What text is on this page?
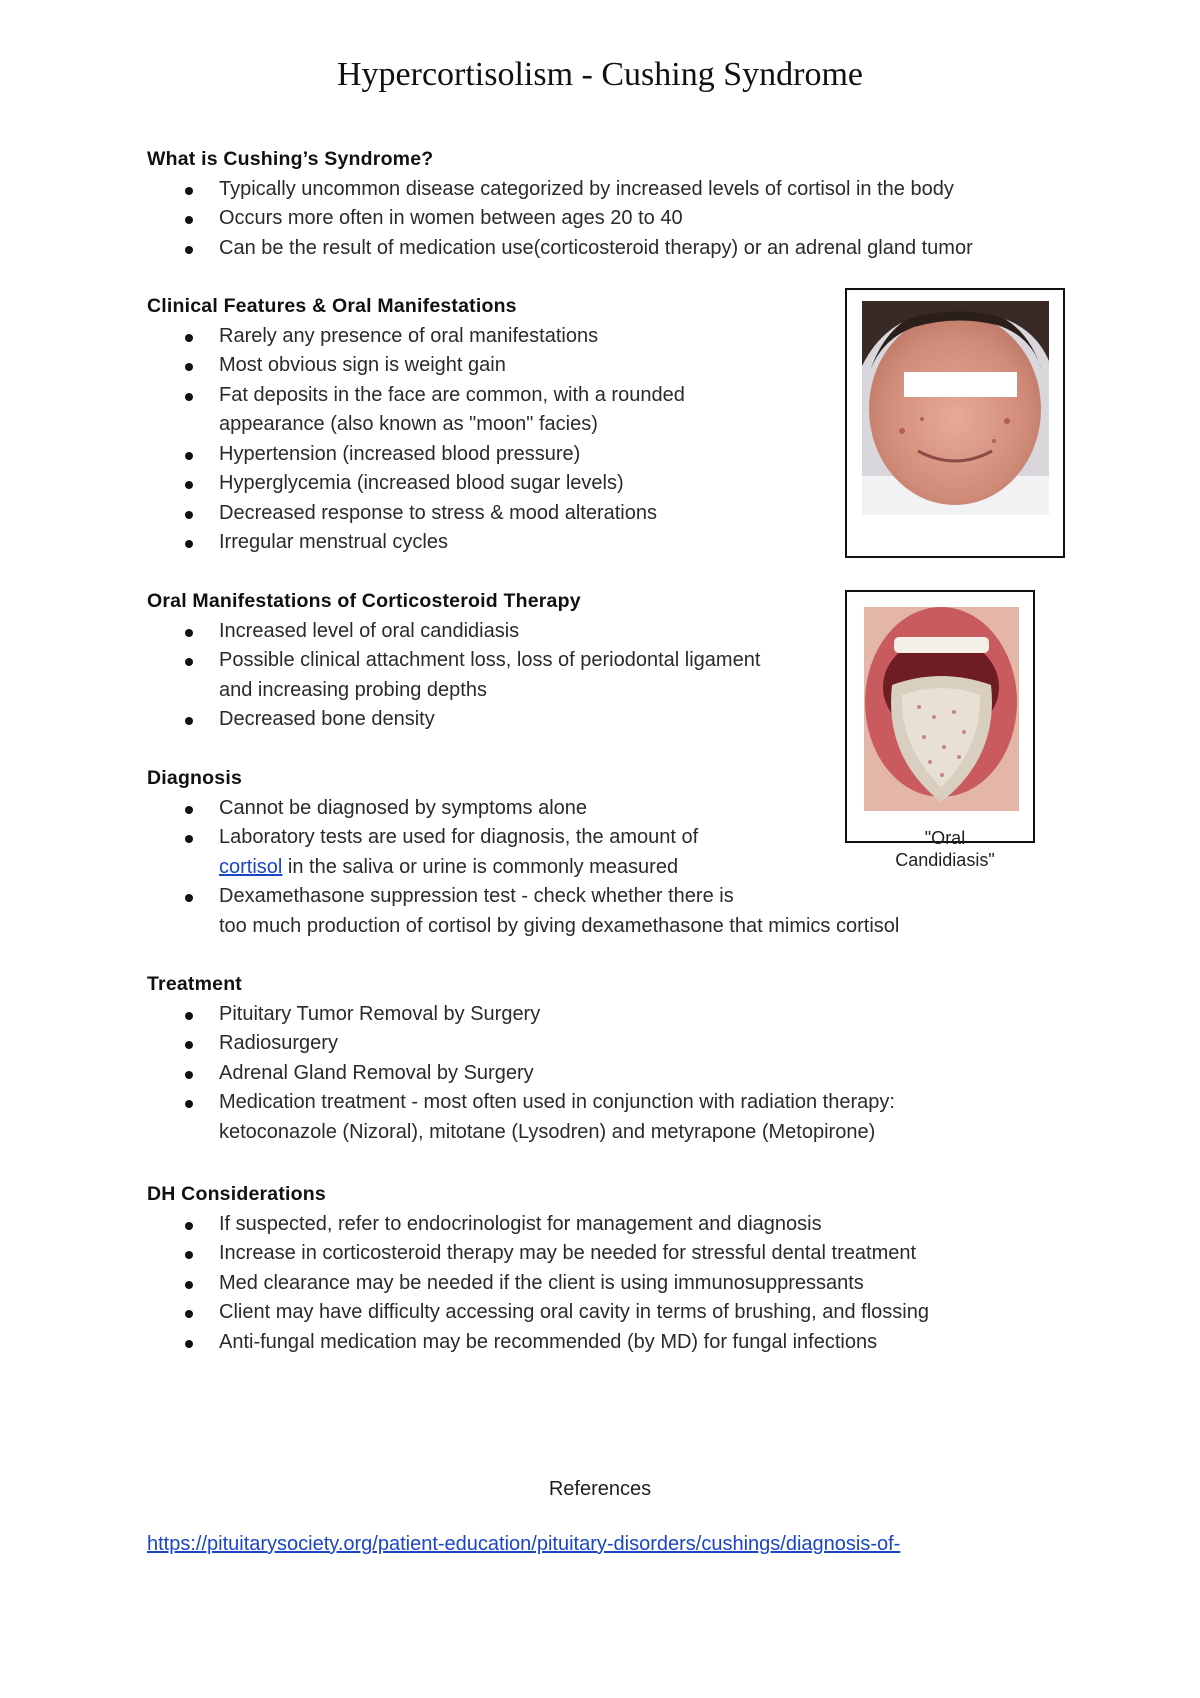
Hypercortisolism - Cushing Syndrome
What is Cushing’s Syndrome?
Typically uncommon disease categorized by increased levels of cortisol in the body
Occurs more often in women between ages 20 to 40
Can be the result of medication use(corticosteroid therapy) or an adrenal gland tumor
Clinical Features & Oral Manifestations
Rarely any presence of oral manifestations
Most obvious sign is weight gain
Fat deposits in the face are common, with a rounded
appearance (also known as "moon" facies)
Hypertension (increased blood pressure)
Hyperglycemia (increased blood sugar levels)
Decreased response to stress & mood alterations
Irregular menstrual cycles
Oral Manifestations of Corticosteroid Therapy
Increased level of oral candidiasis
Possible clinical attachment loss, loss of periodontal ligament
and increasing probing depths
Decreased bone density
Diagnosis
Cannot be diagnosed by symptoms alone
Laboratory tests are used for diagnosis, the amount of
cortisol in the saliva or urine is commonly measured
Dexamethasone suppression test - check whether there is
too much production of cortisol by giving dexamethasone that mimics cortisol
Treatment
Pituitary Tumor Removal by Surgery
Radiosurgery
Adrenal Gland Removal by Surgery
Medication treatment - most often used in conjunction with radiation therapy:
ketoconazole (Nizoral), mitotane (Lysodren) and metyrapone (Metopirone)
DH Considerations
If suspected, refer to endocrinologist for management and diagnosis
Increase in corticosteroid therapy may be needed for stressful dental treatment
Med clearance may be needed if the client is using immunosuppressants
Client may have difficulty accessing oral cavity in terms of brushing, and flossing
Anti-fungal medication may be recommended (by MD) for fungal infections
"Oral
Candidiasis"
References
https://pituitarysociety.org/patient-education/pituitary-disorders/cushings/diagnosis-of-
